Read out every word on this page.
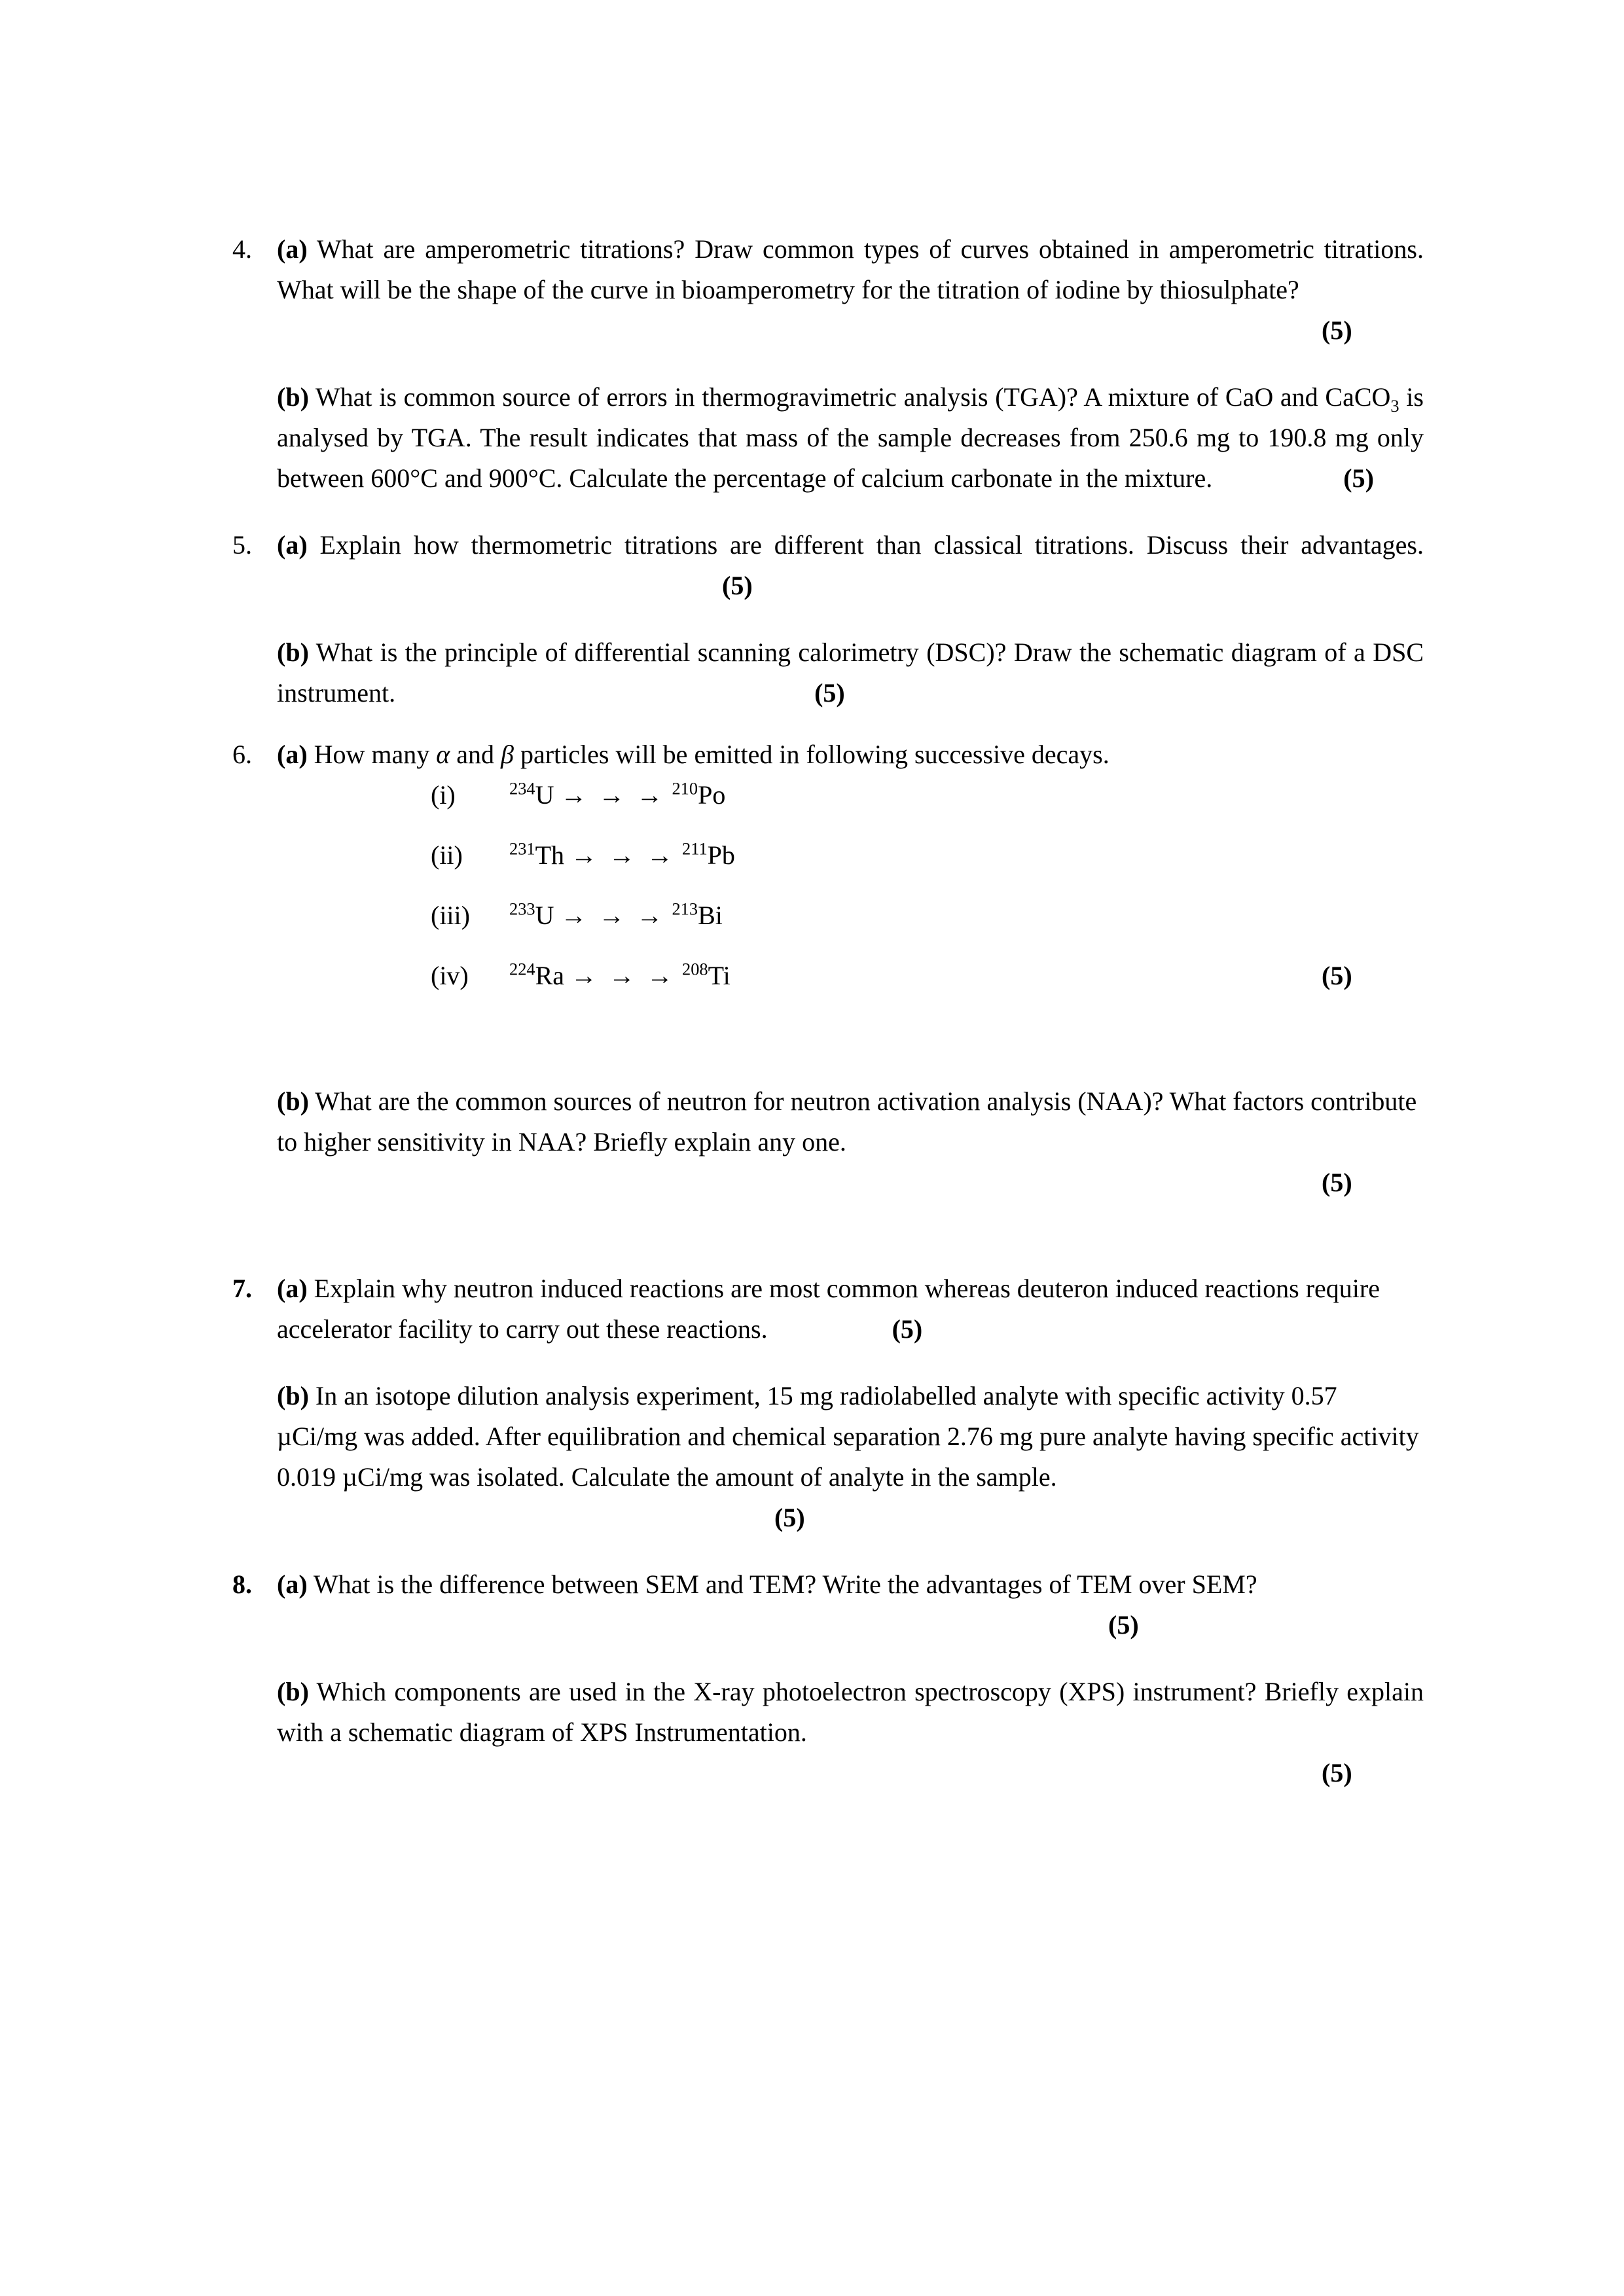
4. (a) What are amperometric titrations? Draw common types of curves obtained in amperometric titrations. What will be the shape of the curve in bioamperometry for the titration of iodine by thiosulphate?

(5)

(b) What is common source of errors in thermogravimetric analysis (TGA)? A mixture of CaO and CaCO$_3$ is analysed by TGA. The result indicates that mass of the sample decreases from 250.6 mg to 190.8 mg only between 600°C and 900°C. Calculate the percentage of calcium carbonate in the mixture.	(5)

5. (a) Explain how thermometric titrations are different than classical titrations. Discuss their advantages.(5)

(b) What is the principle of differential scanning calorimetry (DSC)? Draw the schematic diagram of a DSC instrument.	(5)

6. (a) How many α and β particles will be emitted in following successive decays.

(i)	$^{234}$U → → → $^{210}$Po
(ii)	$^{231}$Th → → → $^{211}$Pb
(iii)	$^{233}$U → → → $^{213}$Bi
(iv)	$^{224}$Ra → → → $^{208}$Ti	(5)

(b) What are the common sources of neutron for neutron activation analysis (NAA)? What factors contribute to higher sensitivity in NAA? Briefly explain any one.

(5)
7. (a) Explain why neutron induced reactions are most common whereas deuteron induced reactions require accelerator facility to carry out these reactions.	(5)

(b) In an isotope dilution analysis experiment, 15 mg radiolabelled analyte with specific activity 0.57 µCi/mg was added. After equilibration and chemical separation 2.76 mg pure analyte having specific activity 0.019 µCi/mg was isolated. Calculate the amount of analyte in the sample.(5)

8. (a) What is the difference between SEM and TEM? Write the advantages of TEM over SEM?(5)

(b) Which components are used in the X-ray photoelectron spectroscopy (XPS) instrument? Briefly explain with a schematic diagram of XPS Instrumentation.

(5)
